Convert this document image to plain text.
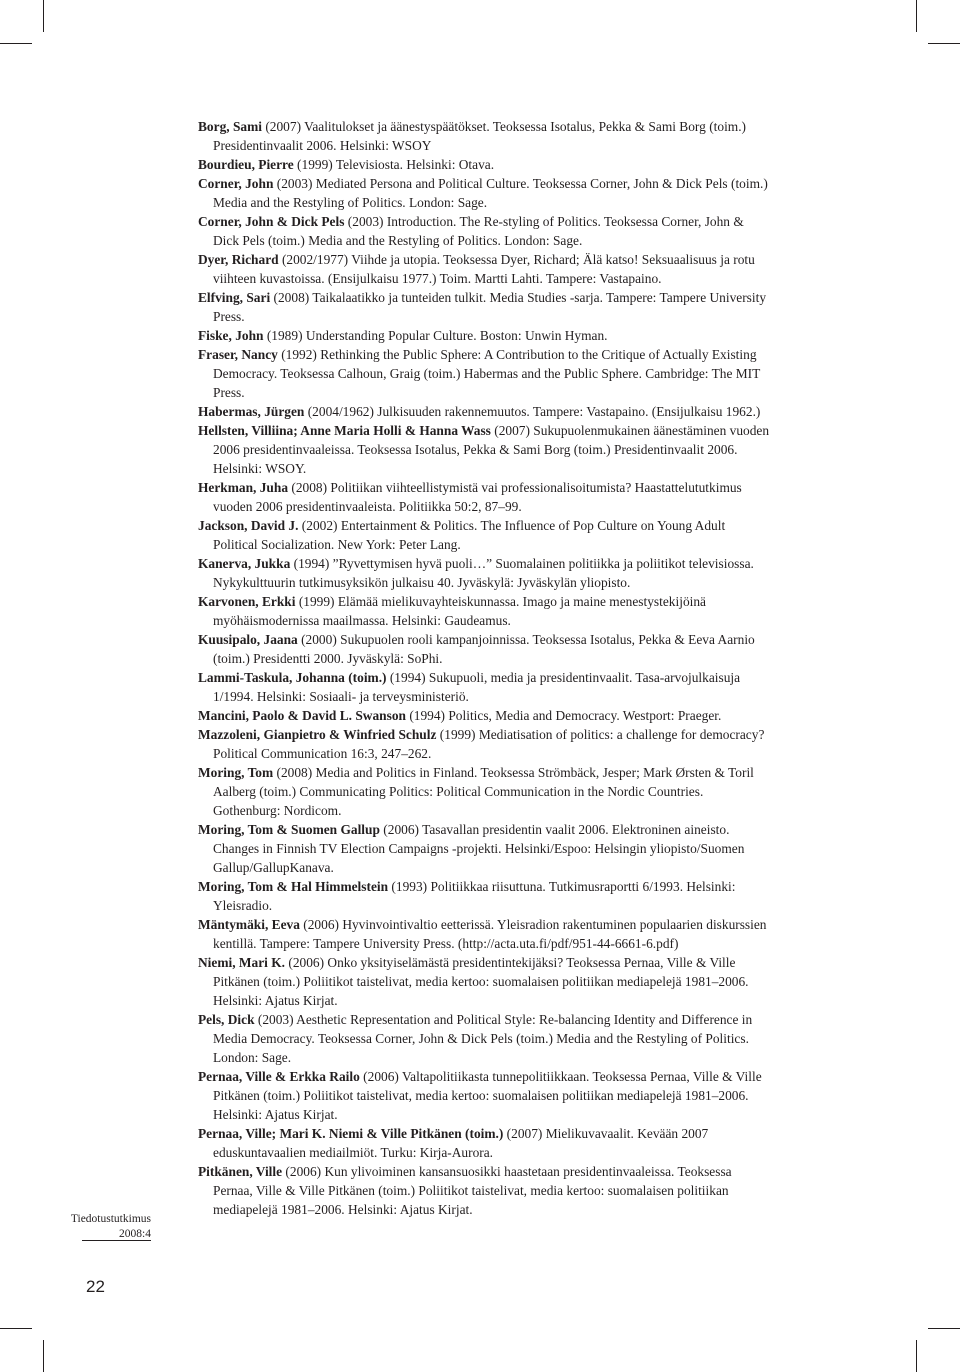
Borg, Sami (2007) Vaalitulokset ja äänestyspäätökset. Teoksessa Isotalus, Pekka & Sami Borg (toim.) Presidentinvaalit 2006. Helsinki: WSOY
Bourdieu, Pierre (1999) Televisiosta. Helsinki: Otava.
Corner, John (2003) Mediated Persona and Political Culture. Teoksessa Corner, John & Dick Pels (toim.) Media and the Restyling of Politics. London: Sage.
Corner, John & Dick Pels (2003) Introduction. The Re-styling of Politics. Teoksessa Corner, John & Dick Pels (toim.) Media and the Restyling of Politics. London: Sage.
Dyer, Richard (2002/1977) Viihde ja utopia. Teoksessa Dyer, Richard; Älä katso! Seksuaalisuus ja rotu viihteen kuvastoissa. (Ensijulkaisu 1977.) Toim. Martti Lahti. Tampere: Vastapaino.
Elfving, Sari (2008) Taikalaatikko ja tunteiden tulkit. Media Studies -sarja. Tampere: Tampere University Press.
Fiske, John (1989) Understanding Popular Culture. Boston: Unwin Hyman.
Fraser, Nancy (1992) Rethinking the Public Sphere: A Contribution to the Critique of Actually Existing Democracy. Teoksessa Calhoun, Graig (toim.) Habermas and the Public Sphere. Cambridge: The MIT Press.
Habermas, Jürgen (2004/1962) Julkisuuden rakennemuutos. Tampere: Vastapaino. (Ensijulkaisu 1962.)
Hellsten, Villiina; Anne Maria Holli & Hanna Wass (2007) Sukupuolenmukainen äänestäminen vuoden 2006 presidentinvaaleissa. Teoksessa Isotalus, Pekka & Sami Borg (toim.) Presidentinvaalit 2006. Helsinki: WSOY.
Herkman, Juha (2008) Politiikan viihteellistymistä vai professionalisoitumista? Haastattelututkimus vuoden 2006 presidentinvaaleista. Politiikka 50:2, 87–99.
Jackson, David J. (2002) Entertainment & Politics. The Influence of Pop Culture on Young Adult Political Socialization. New York: Peter Lang.
Kanerva, Jukka (1994) ”Ryvettymisen hyvä puoli…” Suomalainen politiikka ja poliitikot televisiossa. Nykykulttuurin tutkimusyksikön julkaisu 40. Jyväskylä: Jyväskylän yliopisto.
Karvonen, Erkki (1999) Elämää mielikuvayhteiskunnassa. Imago ja maine menestystekijöinä myöhäismodernissa maailmassa. Helsinki: Gaudeamus.
Kuusipalo, Jaana (2000) Sukupuolen rooli kampanjoinnissa. Teoksessa Isotalus, Pekka & Eeva Aarnio (toim.) Presidentti 2000. Jyväskylä: SoPhi.
Lammi-Taskula, Johanna (toim.) (1994) Sukupuoli, media ja presidentinvaalit. Tasa-arvojulkaisuja 1/1994. Helsinki: Sosiaali- ja terveysministeriö.
Mancini, Paolo & David L. Swanson (1994) Politics, Media and Democracy. Westport: Praeger.
Mazzoleni, Gianpietro & Winfried Schulz (1999) Mediatisation of politics: a challenge for democracy? Political Communication 16:3, 247–262.
Moring, Tom (2008) Media and Politics in Finland. Teoksessa Strömbäck, Jesper; Mark Ørsten & Toril Aalberg (toim.) Communicating Politics: Political Communication in the Nordic Countries. Gothenburg: Nordicom.
Moring, Tom & Suomen Gallup (2006) Tasavallan presidentin vaalit 2006. Elektroninen aineisto. Changes in Finnish TV Election Campaigns -projekti. Helsinki/Espoo: Helsingin yliopisto/Suomen Gallup/GallupKanava.
Moring, Tom & Hal Himmelstein (1993) Politiikkaa riisuttuna. Tutkimusraportti 6/1993. Helsinki: Yleisradio.
Mäntymäki, Eeva (2006) Hyvinvointivaltio eetterissä. Yleisradion rakentuminen populaarien diskurssien kentillä. Tampere: Tampere University Press. (http://acta.uta.fi/pdf/951-44-6661-6.pdf)
Niemi, Mari K. (2006) Onko yksityiselämästä presidentintekijäksi? Teoksessa Pernaa, Ville & Ville Pitkänen (toim.) Poliitikot taistelivat, media kertoo: suomalaisen politiikan mediapelejä 1981–2006. Helsinki: Ajatus Kirjat.
Pels, Dick (2003) Aesthetic Representation and Political Style: Re-balancing Identity and Difference in Media Democracy. Teoksessa Corner, John & Dick Pels (toim.) Media and the Restyling of Politics. London: Sage.
Pernaa, Ville & Erkka Railo (2006) Valtapolitiikasta tunnepolitiikkaan. Teoksessa Pernaa, Ville & Ville Pitkänen (toim.) Poliitikot taistelivat, media kertoo: suomalaisen politiikan mediapelejä 1981–2006. Helsinki: Ajatus Kirjat.
Pernaa, Ville; Mari K. Niemi & Ville Pitkänen (toim.) (2007) Mielikuvavaalit. Kevään 2007 eduskuntavaalien mediailmiöt. Turku: Kirja-Aurora.
Pitkänen, Ville (2006) Kun ylivoiminen kansansuosikki haastetaan presidentinvaaleissa. Teoksessa Pernaa, Ville & Ville Pitkänen (toim.) Poliitikot taistelivat, media kertoo: suomalaisen politiikan mediapelejä 1981–2006. Helsinki: Ajatus Kirjat.
Tiedotustutkimus
2008:4
22
